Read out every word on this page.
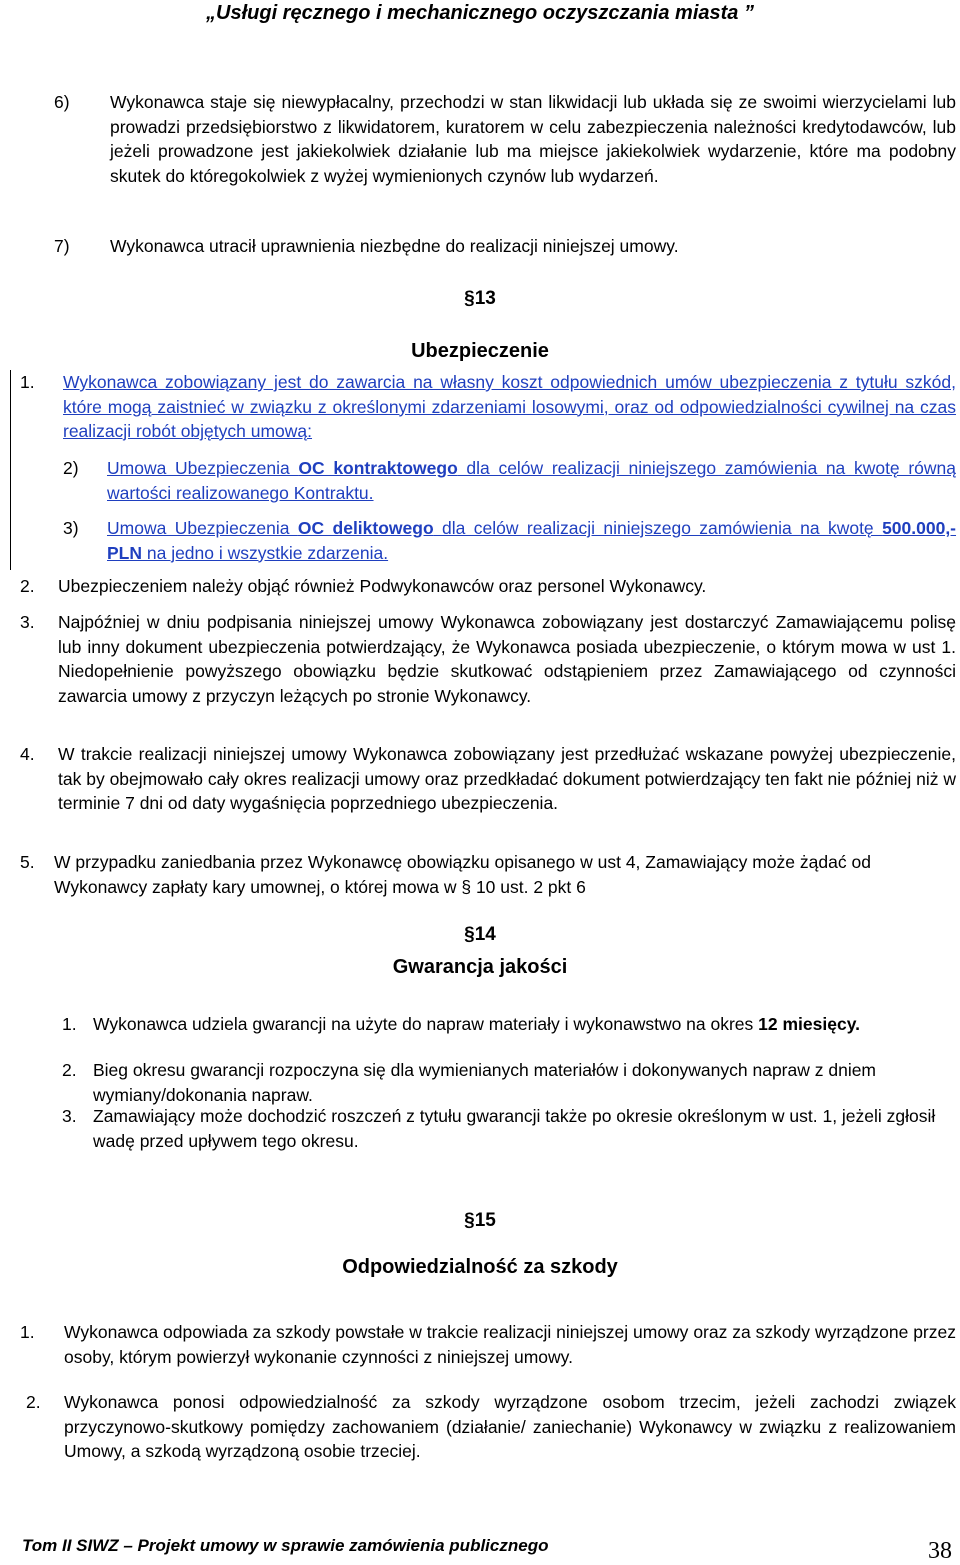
„Usługi ręcznego i mechanicznego oczyszczania miasta ”
6) Wykonawca staje się niewypłacalny, przechodzi w stan likwidacji lub układa się ze swoimi wierzycielami lub prowadzi przedsiębiorstwo z likwidatorem, kuratorem w celu zabezpieczenia należności kredytodawców, lub jeżeli prowadzone jest jakiekolwiek działanie lub ma miejsce jakiekolwiek wydarzenie, które ma podobny skutek do któregokolwiek z wyżej wymienionych czynów lub wydarzeń.
7) Wykonawca utracił uprawnienia niezbędne do realizacji niniejszej umowy.
§13
Ubezpieczenie
1. Wykonawca zobowiązany jest do zawarcia na własny koszt odpowiednich umów ubezpieczenia z tytułu szkód, które mogą zaistnieć w związku z określonymi zdarzeniami losowymi, oraz od odpowiedzialności cywilnej na czas realizacji robót objętych umową:
2) Umowa Ubezpieczenia OC kontraktowego dla celów realizacji niniejszego zamówienia na kwotę równą wartości realizowanego Kontraktu.
3) Umowa Ubezpieczenia OC deliktowego dla celów realizacji niniejszego zamówienia na kwotę 500.000,- PLN na jedno i wszystkie zdarzenia.
2. Ubezpieczeniem należy objąć również Podwykonawców oraz personel Wykonawcy.
3. Najpóźniej w dniu podpisania niniejszej umowy Wykonawca zobowiązany jest dostarczyć Zamawiającemu polisę lub inny dokument ubezpieczenia potwierdzający, że Wykonawca posiada ubezpieczenie, o którym mowa w ust 1. Niedopełnienie powyższego obowiązku będzie skutkować odstąpieniem przez Zamawiającego od czynności zawarcia umowy z przyczyn leżących po stronie Wykonawcy.
4. W trakcie realizacji niniejszej umowy Wykonawca zobowiązany jest przedłużać wskazane powyżej ubezpieczenie, tak by obejmowało cały okres realizacji umowy oraz przedkładać dokument potwierdzający ten fakt nie później niż w terminie 7 dni od daty wygaśnięcia poprzedniego ubezpieczenia.
5. W przypadku zaniedbania przez Wykonawcę obowiązku opisanego w ust 4, Zamawiający może żądać od Wykonawcy zapłaty kary umownej, o której mowa w § 10 ust. 2 pkt 6
§14
Gwarancja jakości
1. Wykonawca udziela gwarancji na użyte do napraw materiały i wykonawstwo na okres 12 miesięcy.
2. Bieg okresu gwarancji rozpoczyna się dla wymienianych materiałów i dokonywanych napraw z dniem wymiany/dokonania napraw.
3. Zamawiający może dochodzić roszczeń z tytułu gwarancji także po okresie określonym w ust. 1, jeżeli zgłosił wadę przed upływem tego okresu.
§15
Odpowiedzialność za szkody
1. Wykonawca odpowiada za szkody powstałe w trakcie realizacji niniejszej umowy oraz za szkody wyrządzone przez osoby, którym powierzył wykonanie czynności z niniejszej umowy.
2. Wykonawca ponosi odpowiedzialność za szkody wyrządzone osobom trzecim, jeżeli zachodzi związek przyczynowo-skutkowy pomiędzy zachowaniem (działanie/ zaniechanie) Wykonawcy w związku z realizowaniem Umowy, a szkodą wyrządzoną osobie trzeciej.
Tom II SIWZ – Projekt umowy w sprawie zamówienia publicznego	38
